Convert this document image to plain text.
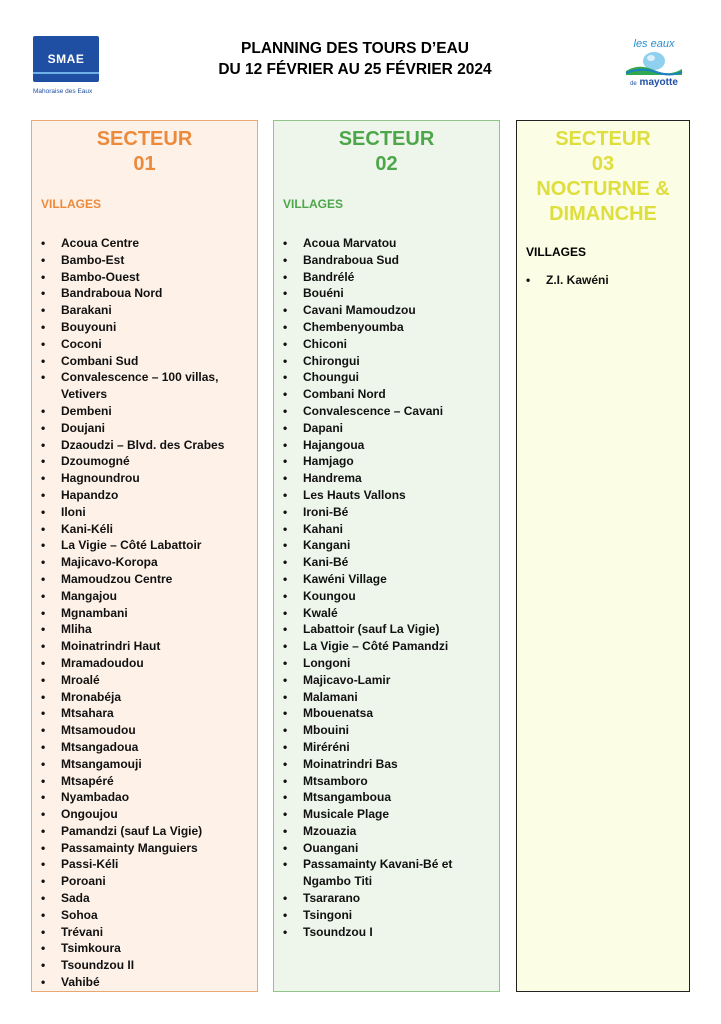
SMAE
Mahoraise des Eaux
PLANNING DES TOURS D’EAU
DU 12 FÉVRIER AU 25 FÉVRIER 2024
les eaux
de mayotte
SECTEUR
01
VILLAGES
• Acoua Centre
• Bambo-Est
• Bambo-Ouest
• Bandraboua Nord
• Barakani
• Bouyouni
• Coconi
• Combani Sud
• Convalescence – 100 villas, Vetivers
• Dembeni
• Doujani
• Dzaoudzi – Blvd. des Crabes
• Dzoumogné
• Hagnoundrou
• Hapandzo
• Iloni
• Kani-Kéli
• La Vigie – Côté Labattoir
• Majicavo-Koropa
• Mamoudzou Centre
• Mangajou
• Mgnambani
• Mliha
• Moinatrindri Haut
• Mramadoudou
• Mroalé
• Mronabéja
• Mtsahara
• Mtsamoudou
• Mtsangadoua
• Mtsangamouji
• Mtsapéré
• Nyambadao
• Ongoujou
• Pamandzi (sauf La Vigie)
• Passamainty Manguiers
• Passi-Kéli
• Poroani
• Sada
• Sohoa
• Trévani
• Tsimkoura
• Tsoundzou II
• Vahibé
SECTEUR
02
VILLAGES
• Acoua Marvatou
• Bandraboua Sud
• Bandrélé
• Bouéni
• Cavani Mamoudzou
• Chembenyoumba
• Chiconi
• Chirongui
• Choungui
• Combani Nord
• Convalescence – Cavani
• Dapani
• Hajangoua
• Hamjago
• Handrema
• Les Hauts Vallons
• Ironi-Bé
• Kahani
• Kangani
• Kani-Bé
• Kawéni Village
• Koungou
• Kwalé
• Labattoir (sauf La Vigie)
• La Vigie – Côté Pamandzi
• Longoni
• Majicavo-Lamir
• Malamani
• Mbouenatsa
• Mbouini
• Miréréni
• Moinatrindri Bas
• Mtsamboro
• Mtsangamboua
• Musicale Plage
• Mzouazia
• Ouangani
• Passamainty Kavani-Bé et Ngambo Titi
• Tsararano
• Tsingoni
• Tsoundzou I
SECTEUR
03
NOCTURNE &
DIMANCHE
VILLAGES
• Z.I. Kawéni
